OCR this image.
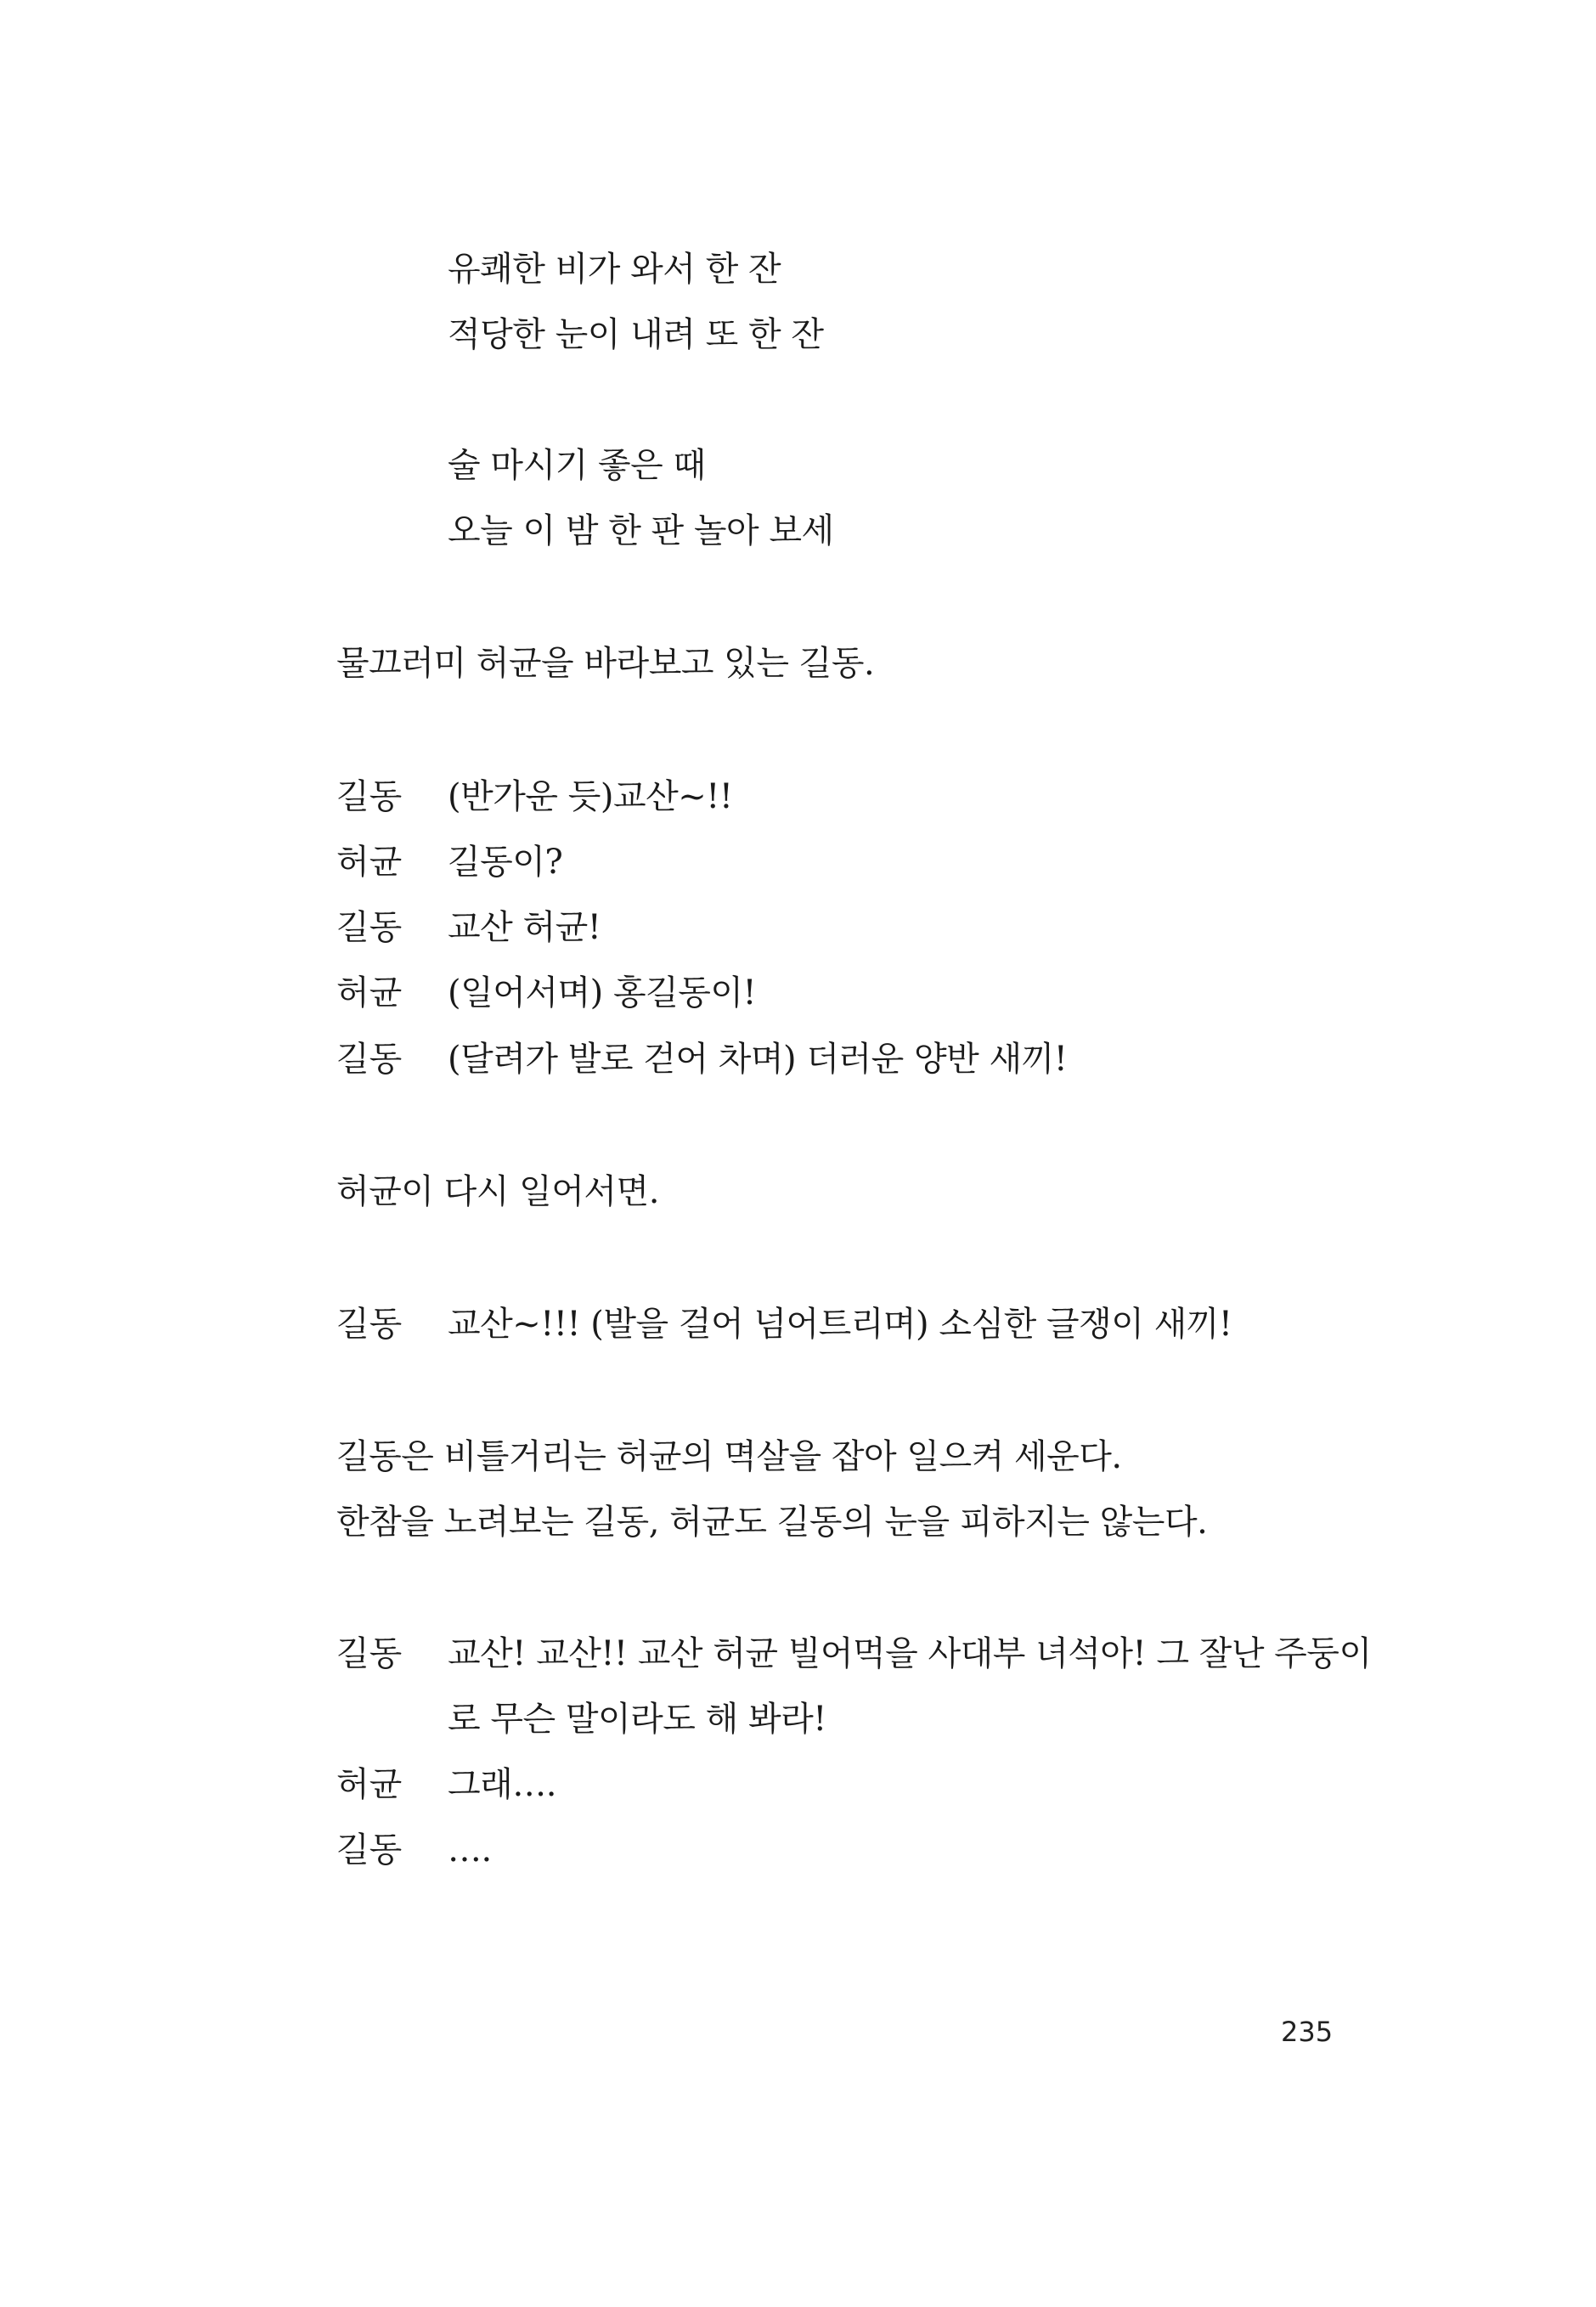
유쾌한 비가 와서 한 잔
적당한 눈이 내려 또 한 잔
술 마시기 좋은 때
오늘 이 밤 한 판 놀아 보세
물끄러미 허균을 바라보고 있는 길동.
길동 (반가운 듯)교산~!!
허균 길동이?
길동 교산 허균!
허균 (일어서며) 홍길동이!
길동 (달려가 발로 걷어 차며) 더러운 양반 새끼!
허균이 다시 일어서면.
길동 교산~!!! (발을 걸어 넘어트리며) 소심한 글쟁이 새끼!
길동은 비틀거리는 허균의 멱살을 잡아 일으켜 세운다.
한참을 노려보는 길동, 허균도 길동의 눈을 피하지는 않는다.
길동 교산! 교산!! 교산 허균 빌어먹을 사대부 녀석아! 그 잘난 주둥이
로 무슨 말이라도 해 봐라!
허균 그래….
길동 ….
235
